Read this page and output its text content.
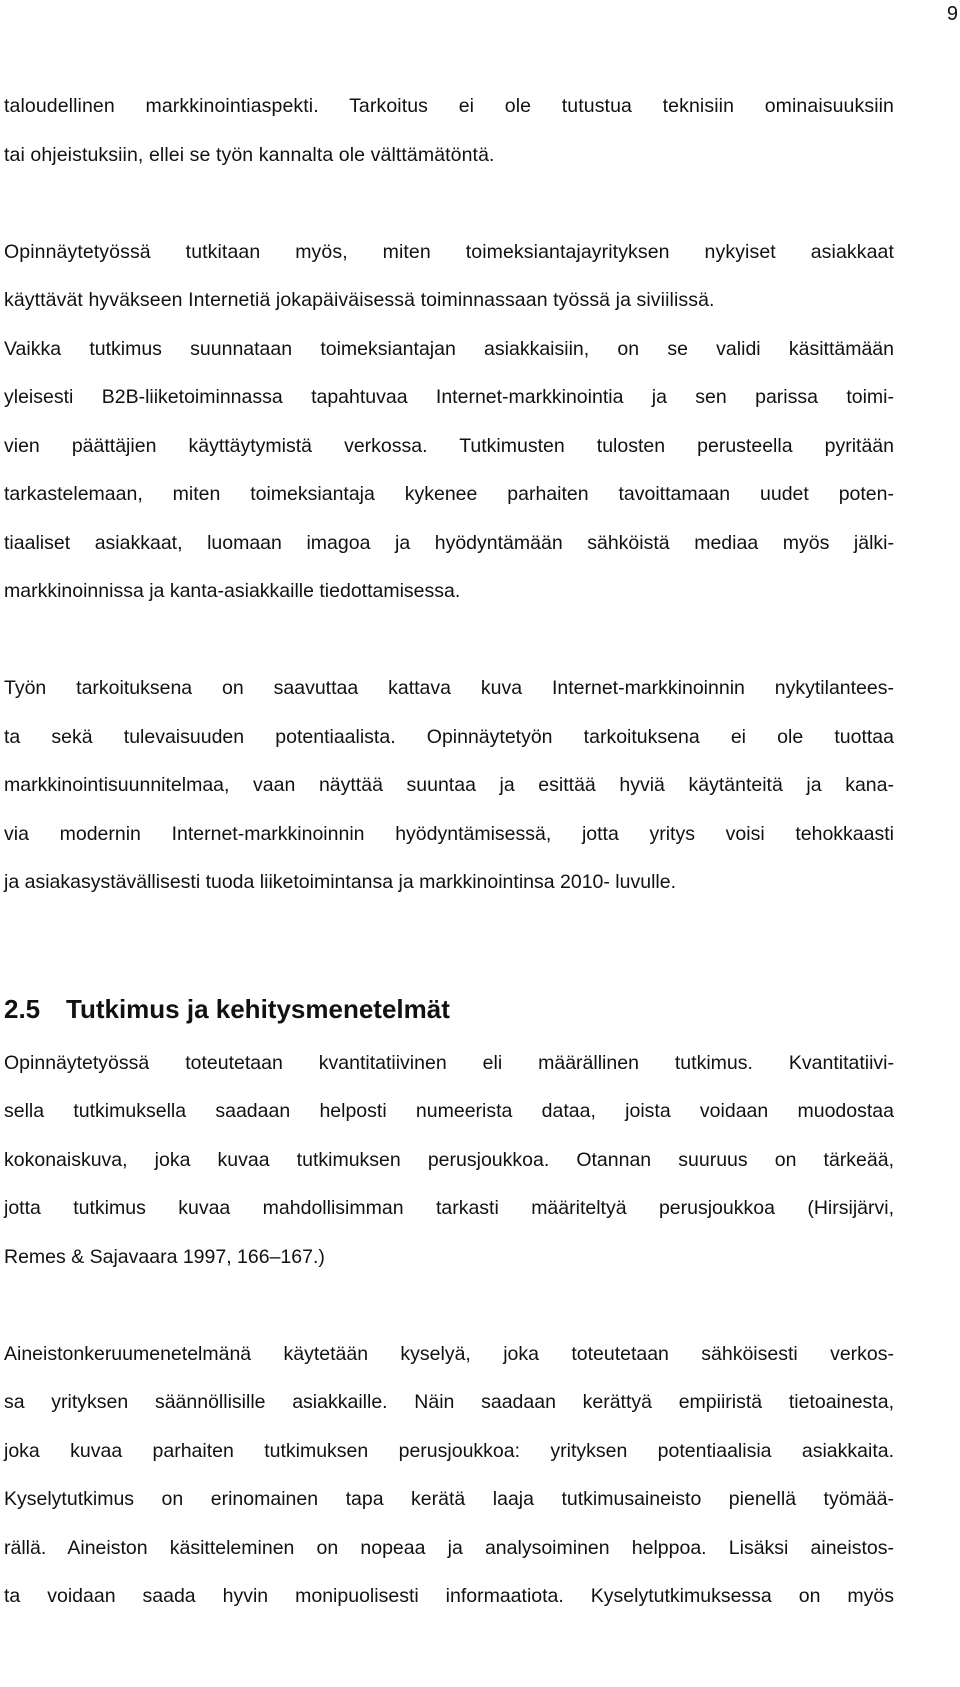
9
taloudellinen markkinointiaspekti. Tarkoitus ei ole tutustua teknisiin ominaisuuksiin
tai ohjeistuksiin, ellei se työn kannalta ole välttämätöntä.
Opinnäytetyössä tutkitaan myös, miten toimeksiantajayrityksen nykyiset asiakkaat
käyttävät hyväkseen Internetiä jokapäiväisessä toiminnassaan työssä ja siviilissä.
Vaikka tutkimus suunnataan toimeksiantajan asiakkaisiin, on se validi käsittämään
yleisesti B2B-liiketoiminnassa tapahtuvaa Internet-markkinointia ja sen parissa toimi-
vien päättäjien käyttäytymistä verkossa. Tutkimusten tulosten perusteella pyritään
tarkastelemaan, miten toimeksiantaja kykenee parhaiten tavoittamaan uudet poten-
tiaaliset asiakkaat, luomaan imagoa ja hyödyntämään sähköistä mediaa myös jälki-
markkinoinnissa ja kanta-asiakkaille tiedottamisessa.
Työn tarkoituksena on saavuttaa kattava kuva Internet-markkinoinnin nykytilantees-
ta sekä tulevaisuuden potentiaalista. Opinnäytetyön tarkoituksena ei ole tuottaa
markkinointisuunnitelmaa, vaan näyttää suuntaa ja esittää hyviä käytänteitä ja kana-
via modernin Internet-markkinoinnin hyödyntämisessä, jotta yritys voisi tehokkaasti
ja asiakasystävällisesti tuoda liiketoimintansa ja markkinointinsa 2010- luvulle.
2.5 Tutkimus ja kehitysmenetelmät
Opinnäytetyössä toteutetaan kvantitatiivinen eli määrällinen tutkimus. Kvantitatiivi-
sella tutkimuksella saadaan helposti numeerista dataa, joista voidaan muodostaa
kokonaiskuva, joka kuvaa tutkimuksen perusjoukkoa. Otannan suuruus on tärkeää,
jotta tutkimus kuvaa mahdollisimman tarkasti määriteltyä perusjoukkoa (Hirsijärvi,
Remes & Sajavaara 1997, 166–167.)
Aineistonkeruumenetelmänä käytetään kyselyä, joka toteutetaan sähköisesti verkos-
sa yrityksen säännöllisille asiakkaille. Näin saadaan kerättyä empiiristä tietoainesta,
joka kuvaa parhaiten tutkimuksen perusjoukkoa: yrityksen potentiaalisia asiakkaita.
Kyselytutkimus on erinomainen tapa kerätä laaja tutkimusaineisto pienellä työmää-
rällä. Aineiston käsitteleminen on nopeaa ja analysoiminen helppoa. Lisäksi aineistos-
ta voidaan saada hyvin monipuolisesti informaatiota. Kyselytutkimuksessa on myös
